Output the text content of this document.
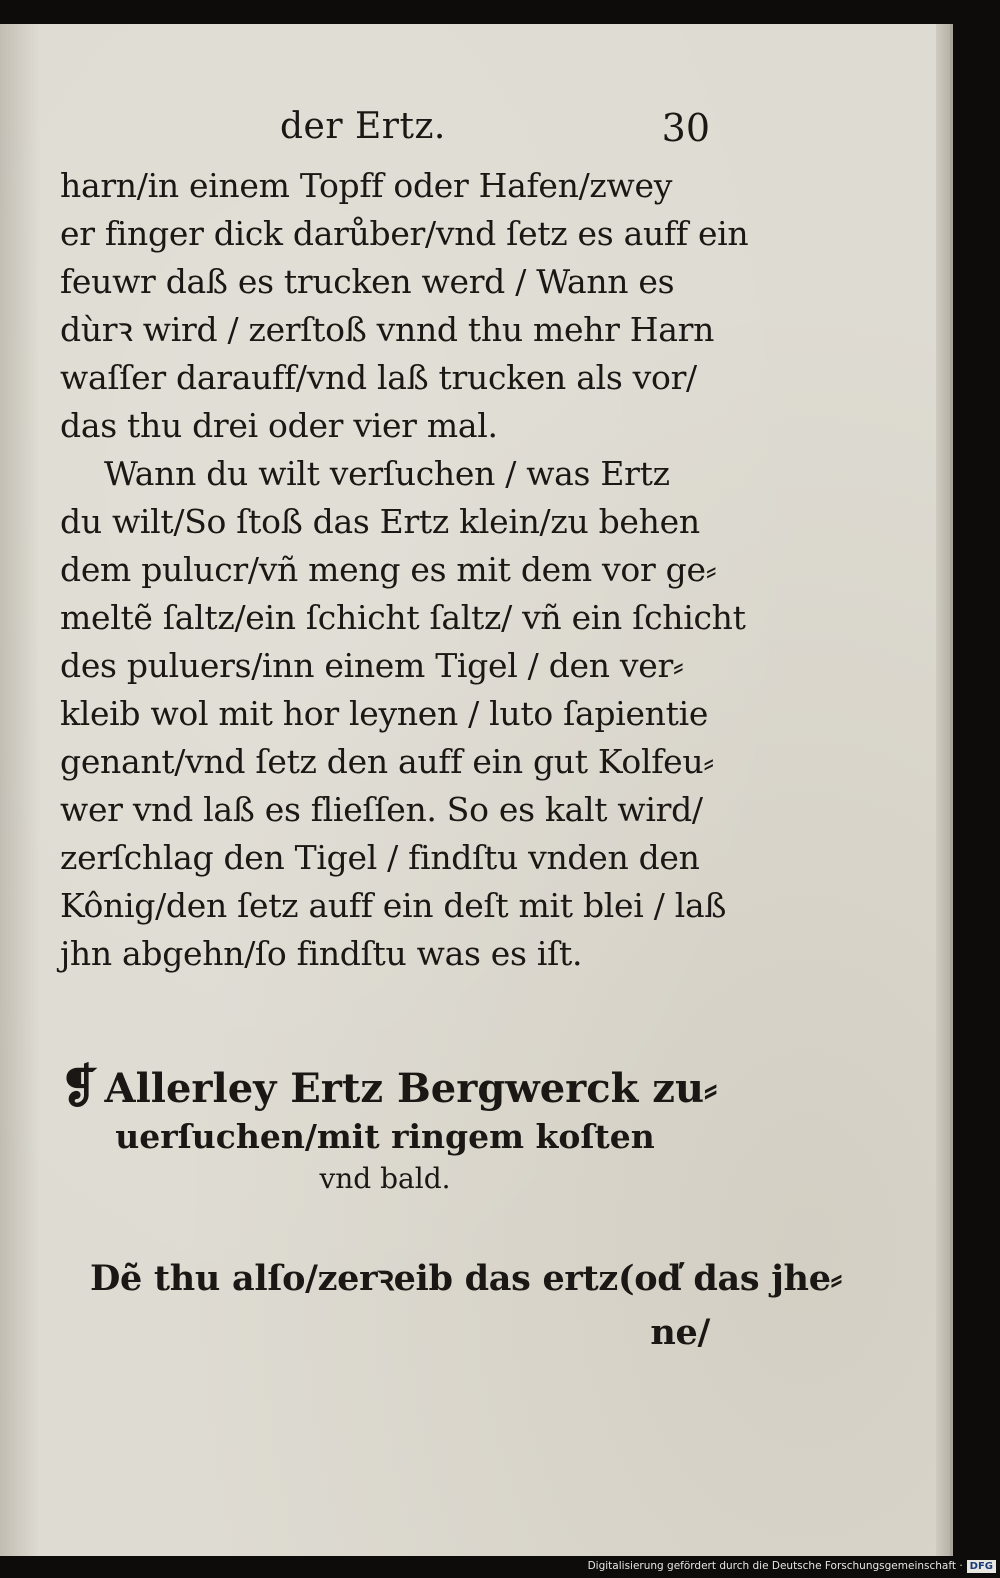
der Ertz.	30
harn/in einem Topff oder Hafen/zwey
er finger dick darůber/vnd ſetz es auff ein
feuwr daß es trucken werd / Wann es
dùrꝛ wird / zerſtoß vnnd thu mehr Harn
waſſer darauff/vnd laß trucken als vor/
das thu drei oder vier mal.
Wann du wilt verſuchen / was Ertz
du wilt/So ſtoß das Ertz klein/zu behen
dem pulucr/vñ meng es mit dem vor ge⸗
meltẽ ſaltz/ein ſchicht ſaltz/ vñ ein ſchicht
des puluers/inn einem Tigel / den ver⸗
kleib wol mit hor leynen / luto ſapientie
genant/vnd ſetz den auff ein gut Kolfeu⸗
wer vnd laß es flieſſen. So es kalt wird/
zerſchlag den Tigel / findſtu vnden den
Kônig/den ſetz auff ein deſt mit blei / laß
jhn abgehn/ſo findſtu was es iſt.
❡ Allerley Ertz Bergwerck zu⸗
uerſuchen/mit ringem koſten
vnd bald.
Dẽ thu alſo/zerꝛeib das ertz(od̕ das jhe⸗
ne/
Digitalisierung gefördert durch die Deutsche Forschungsgemeinschaft · DFG
